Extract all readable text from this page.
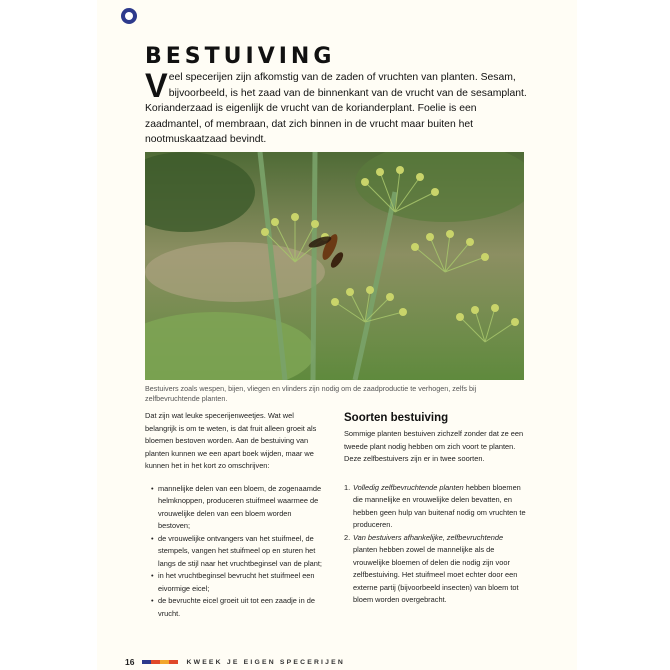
BESTUIVING
Veel specerijen zijn afkomstig van de zaden of vruchten van planten. Sesam, bijvoorbeeld, is het zaad van de binnenkant van de vrucht van de sesamplant. Korianderzaad is eigenlijk de vrucht van de korianderplant. Foelie is een zaadmantel, of membraan, dat zich binnen in de vrucht maar buiten het nootmuskaatzaad bevindt.
Bestuivers zoals wespen, bijen, vliegen en vlinders zijn nodig om de zaadproductie te verhogen, zelfs bij zelfbevruchtende planten.

Dat zijn wat leuke specerijenweetjes. Wat wel belangrijk is om te weten, is dat fruit alleen groeit als bloemen bestoven worden. Aan de bestuiving van planten kunnen we een apart boek wijden, maar we kunnen het in het kort zo omschrijven:

• mannelijke delen van een bloem, de zogenaamde helmknoppen, produceren stuifmeel waarmee de vrouwelijke delen van een bloem worden bestoven;
• de vrouwelijke ontvangers van het stuifmeel, de stempels, vangen het stuifmeel op en sturen het langs de stijl naar het vruchtbeginsel van de plant;
• in het vruchtbeginsel bevrucht het stuifmeel een eivormige eicel;
• de bevruchte eicel groeit uit tot een zaadje in de vrucht.
Soorten bestuiving

Sommige planten bestuiven zichzelf zonder dat ze een tweede plant nodig hebben om zich voort te planten. Deze zelfbestuivers zijn er in twee soorten.

1. Volledig zelfbevruchtende planten hebben bloemen die mannelijke en vrouwelijke delen bevatten, en hebben geen hulp van buitenaf nodig om vruchten te produceren.
2. Van bestuivers afhankelijke, zelfbevruchtende planten hebben zowel de mannelijke als de vrouwelijke bloemen of delen die nodig zijn voor zelfbestuiving. Het stuifmeel moet echter door een externe partij (bijvoorbeeld insecten) van bloem tot bloem worden overgebracht.
16	KWEEK JE EIGEN SPECERIJEN
